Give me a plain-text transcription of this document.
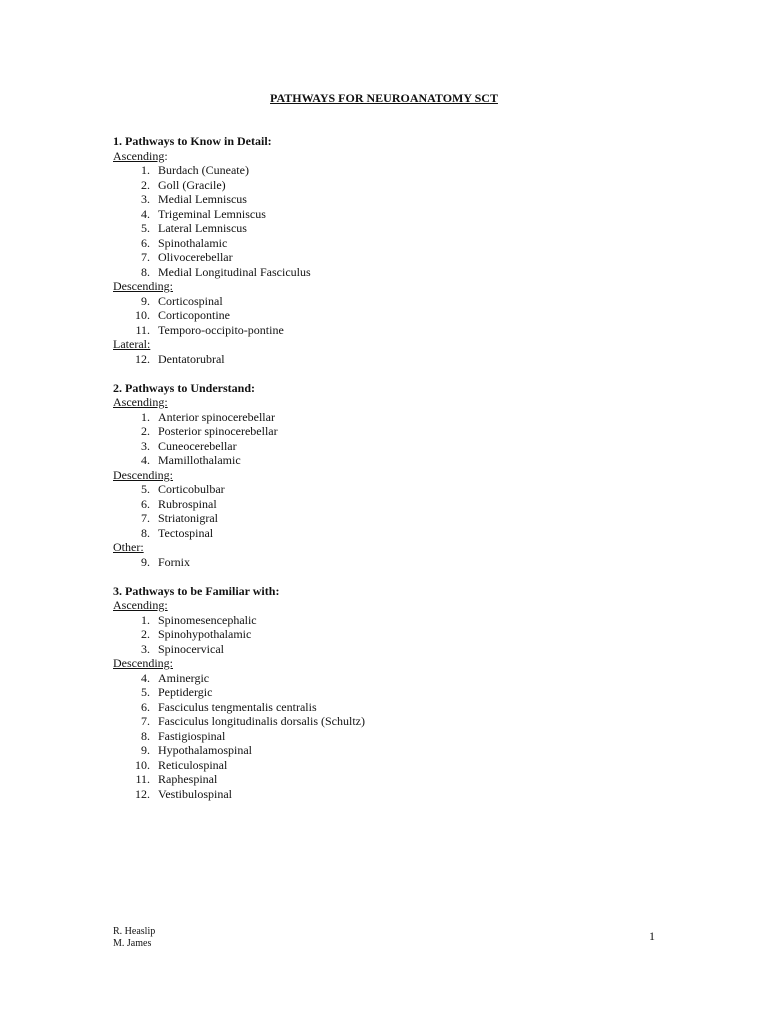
PATHWAYS FOR NEUROANATOMY SCT
1. Pathways to Know in Detail:
Ascending:
1. Burdach (Cuneate)
2. Goll (Gracile)
3. Medial Lemniscus
4. Trigeminal Lemniscus
5. Lateral Lemniscus
6. Spinothalamic
7. Olivocerebellar
8. Medial Longitudinal Fasciculus
Descending:
9. Corticospinal
10. Corticopontine
11. Temporo-occipito-pontine
Lateral:
12. Dentatorubral
2. Pathways to Understand:
Ascending:
1. Anterior spinocerebellar
2. Posterior spinocerebellar
3. Cuneocerebellar
4. Mamillothalamic
Descending:
5. Corticobulbar
6. Rubrospinal
7. Striatonigral
8. Tectospinal
Other:
9. Fornix
3. Pathways to be Familiar with:
Ascending:
1. Spinomesencephalic
2. Spinohypothalamic
3. Spinocervical
Descending:
4. Aminergic
5. Peptidergic
6. Fasciculus tengmentalis centralis
7. Fasciculus longitudinalis dorsalis (Schultz)
8. Fastigiospinal
9. Hypothalamospinal
10. Reticulospinal
11. Raphespinal
12. Vestibulospinal
R. Heaslip
M. James
1
